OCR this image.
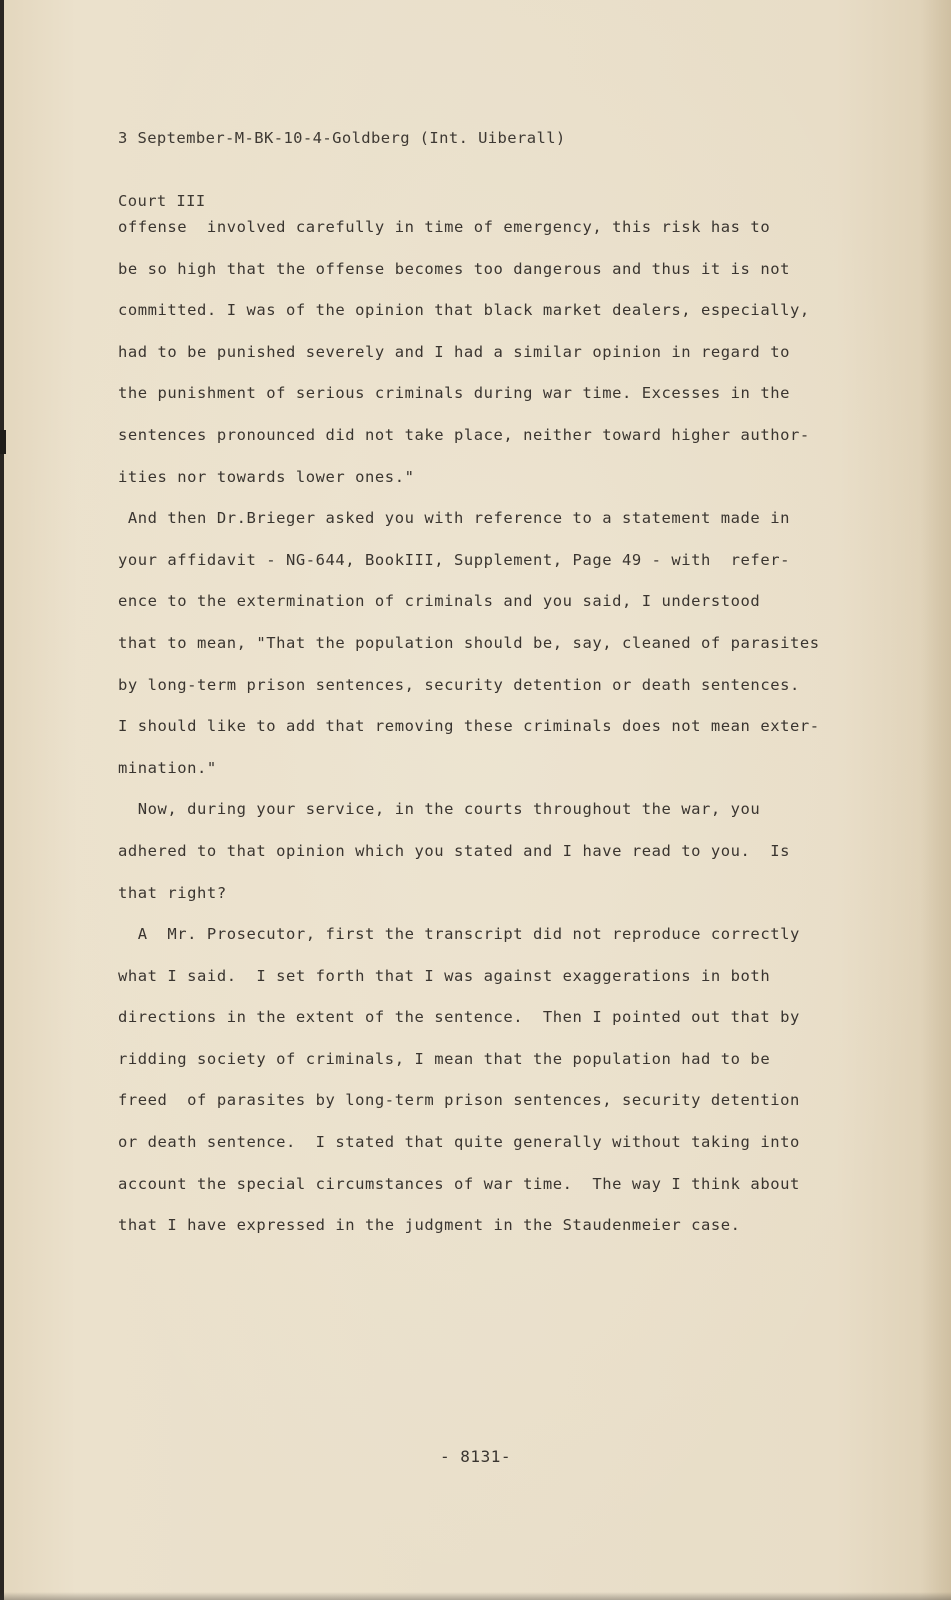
3 September-M-BK-10-4-Goldberg (Int. Uiberall)

Court III

offense  involved carefully in time of emergency, this risk has to
be so high that the offense becomes too dangerous and thus it is not
committed. I was of the opinion that black market dealers, especially,
had to be punished severely and I had a similar opinion in regard to
the punishment of serious criminals during war time. Excesses in the
sentences pronounced did not take place, neither toward higher author-
ities nor towards lower ones."
And then Dr.Brieger asked you with reference to a statement made in
your affidavit - NG-644, BookIII, Supplement, Page 49 - with  refer-
ence to the extermination of criminals and you said, I understood
that to mean, "That the population should be, say, cleaned of parasites
by long-term prison sentences, security detention or death sentences.
I should like to add that removing these criminals does not mean exter-
mination."
Now, during your service, in the courts throughout the war, you
adhered to that opinion which you stated and I have read to you.  Is
that right?
A  Mr. Prosecutor, first the transcript did not reproduce correctly
what I said.  I set forth that I was against exaggerations in both
directions in the extent of the sentence.  Then I pointed out that by
ridding society of criminals, I mean that the population had to be
freed  of parasites by long-term prison sentences, security detention
or death sentence.  I stated that quite generally without taking into
account the special circumstances of war time.  The way I think about
that I have expressed in the judgment in the Staudenmeier case.
- 8131-
